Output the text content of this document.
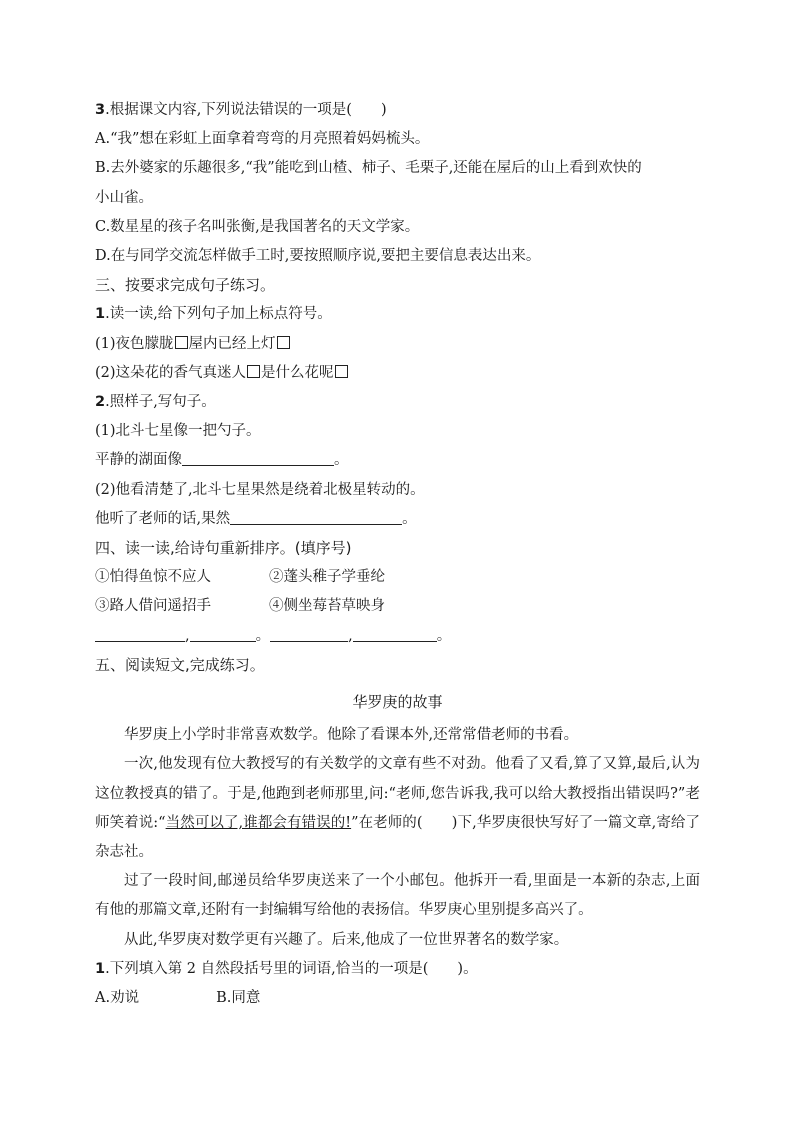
3.根据课文内容,下列说法错误的一项是(　　)

A.“我”想在彩虹上面拿着弯弯的月亮照着妈妈梳头。

B.去外婆家的乐趣很多,“我”能吃到山楂、柿子、毛栗子,还能在屋后的山上看到欢快的

小山雀。

C.数星星的孩子名叫张衡,是我国著名的天文学家。

D.在与同学交流怎样做手工时,要按照顺序说,要把主要信息表达出来。

三、按要求完成句子练习。

1.读一读,给下列句子加上标点符号。

(1)夜色朦胧 屋内已经上灯

(2)这朵花的香气真迷人 是什么花呢

2.照样子,写句子。

(1)北斗七星像一把勺子。

平静的湖面像	。

(2)他看清楚了,北斗七星果然是绕着北极星转动的。

他听了老师的话,果然	。

四、读一读,给诗句重新排序。(填序号)

①怕得鱼惊不应人	②蓬头稚子学垂纶

③路人借问遥招手	④侧坐莓苔草映身

,	。	,	。

五、阅读短文,完成练习。

华罗庚的故事

华罗庚上小学时非常喜欢数学。他除了看课本外,还常常借老师的书看。

一次,他发现有位大教授写的有关数学的文章有些不对劲。他看了又看,算了又算,最后,认为这位教授真的错了。于是,他跑到老师那里,问:“老师,您告诉我,我可以给大教授指出错误吗?”老师笑着说:“当然可以了,谁都会有错误的!”在老师的(　　)下,华罗庚很快写好了一篇文章,寄给了杂志社。

过了一段时间,邮递员给华罗庚送来了一个小邮包。他拆开一看,里面是一本新的杂志,上面有他的那篇文章,还附有一封编辑写给他的表扬信。华罗庚心里别提多高兴了。

从此,华罗庚对数学更有兴趣了。后来,他成了一位世界著名的数学家。

1.下列填入第 2 自然段括号里的词语,恰当的一项是(　　)。

A.劝说	B.同意
